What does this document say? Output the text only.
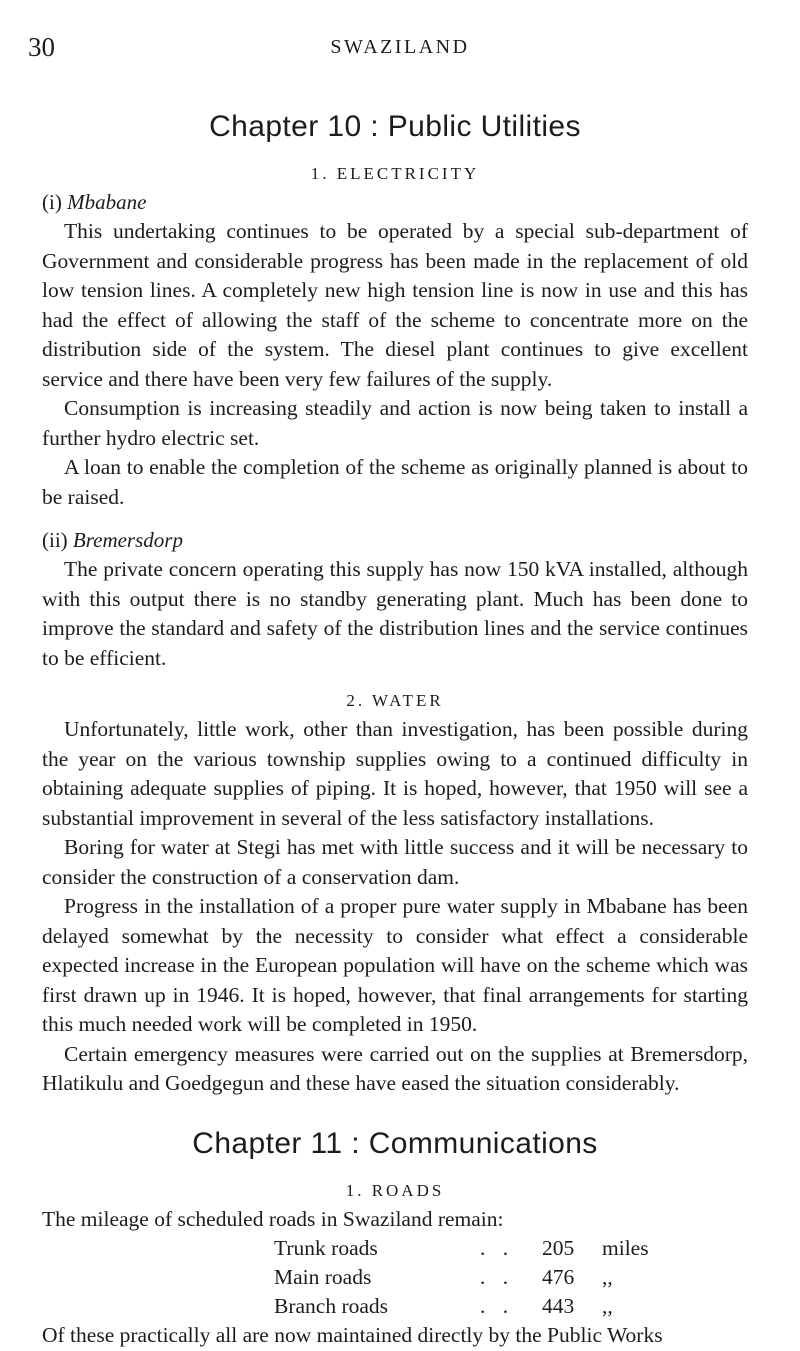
30	SWAZILAND
Chapter 10 : Public Utilities
1. ELECTRICITY
(i) Mbabane

This undertaking continues to be operated by a special sub-department of Government and considerable progress has been made in the replacement of old low tension lines. A completely new high tension line is now in use and this has had the effect of allowing the staff of the scheme to concentrate more on the distribution side of the system. The diesel plant continues to give excellent service and there have been very few failures of the supply.

Consumption is increasing steadily and action is now being taken to install a further hydro electric set.

A loan to enable the completion of the scheme as originally planned is about to be raised.

(ii) Bremersdorp

The private concern operating this supply has now 150 kVA installed, although with this output there is no standby generating plant. Much has been done to improve the standard and safety of the distribution lines and the service continues to be efficient.

2. WATER

Unfortunately, little work, other than investigation, has been possible during the year on the various township supplies owing to a continued difficulty in obtaining adequate supplies of piping. It is hoped, however, that 1950 will see a substantial improvement in several of the less satisfactory installations.

Boring for water at Stegi has met with little success and it will be necessary to consider the construction of a conservation dam.

Progress in the installation of a proper pure water supply in Mbabane has been delayed somewhat by the necessity to consider what effect a considerable expected increase in the European population will have on the scheme which was first drawn up in 1946. It is hoped, however, that final arrangements for starting this much needed work will be completed in 1950.

Certain emergency measures were carried out on the supplies at Bremersdorp, Hlatikulu and Goedgegun and these have eased the situation considerably.

Chapter 11 : Communications
1. ROADS

The mileage of scheduled roads in Swaziland remain:

Trunk roads	. .	205	miles
Main roads	. .	476	,,
Branch roads	. .	443	,,

Of these practically all are now maintained directly by the Public Works
